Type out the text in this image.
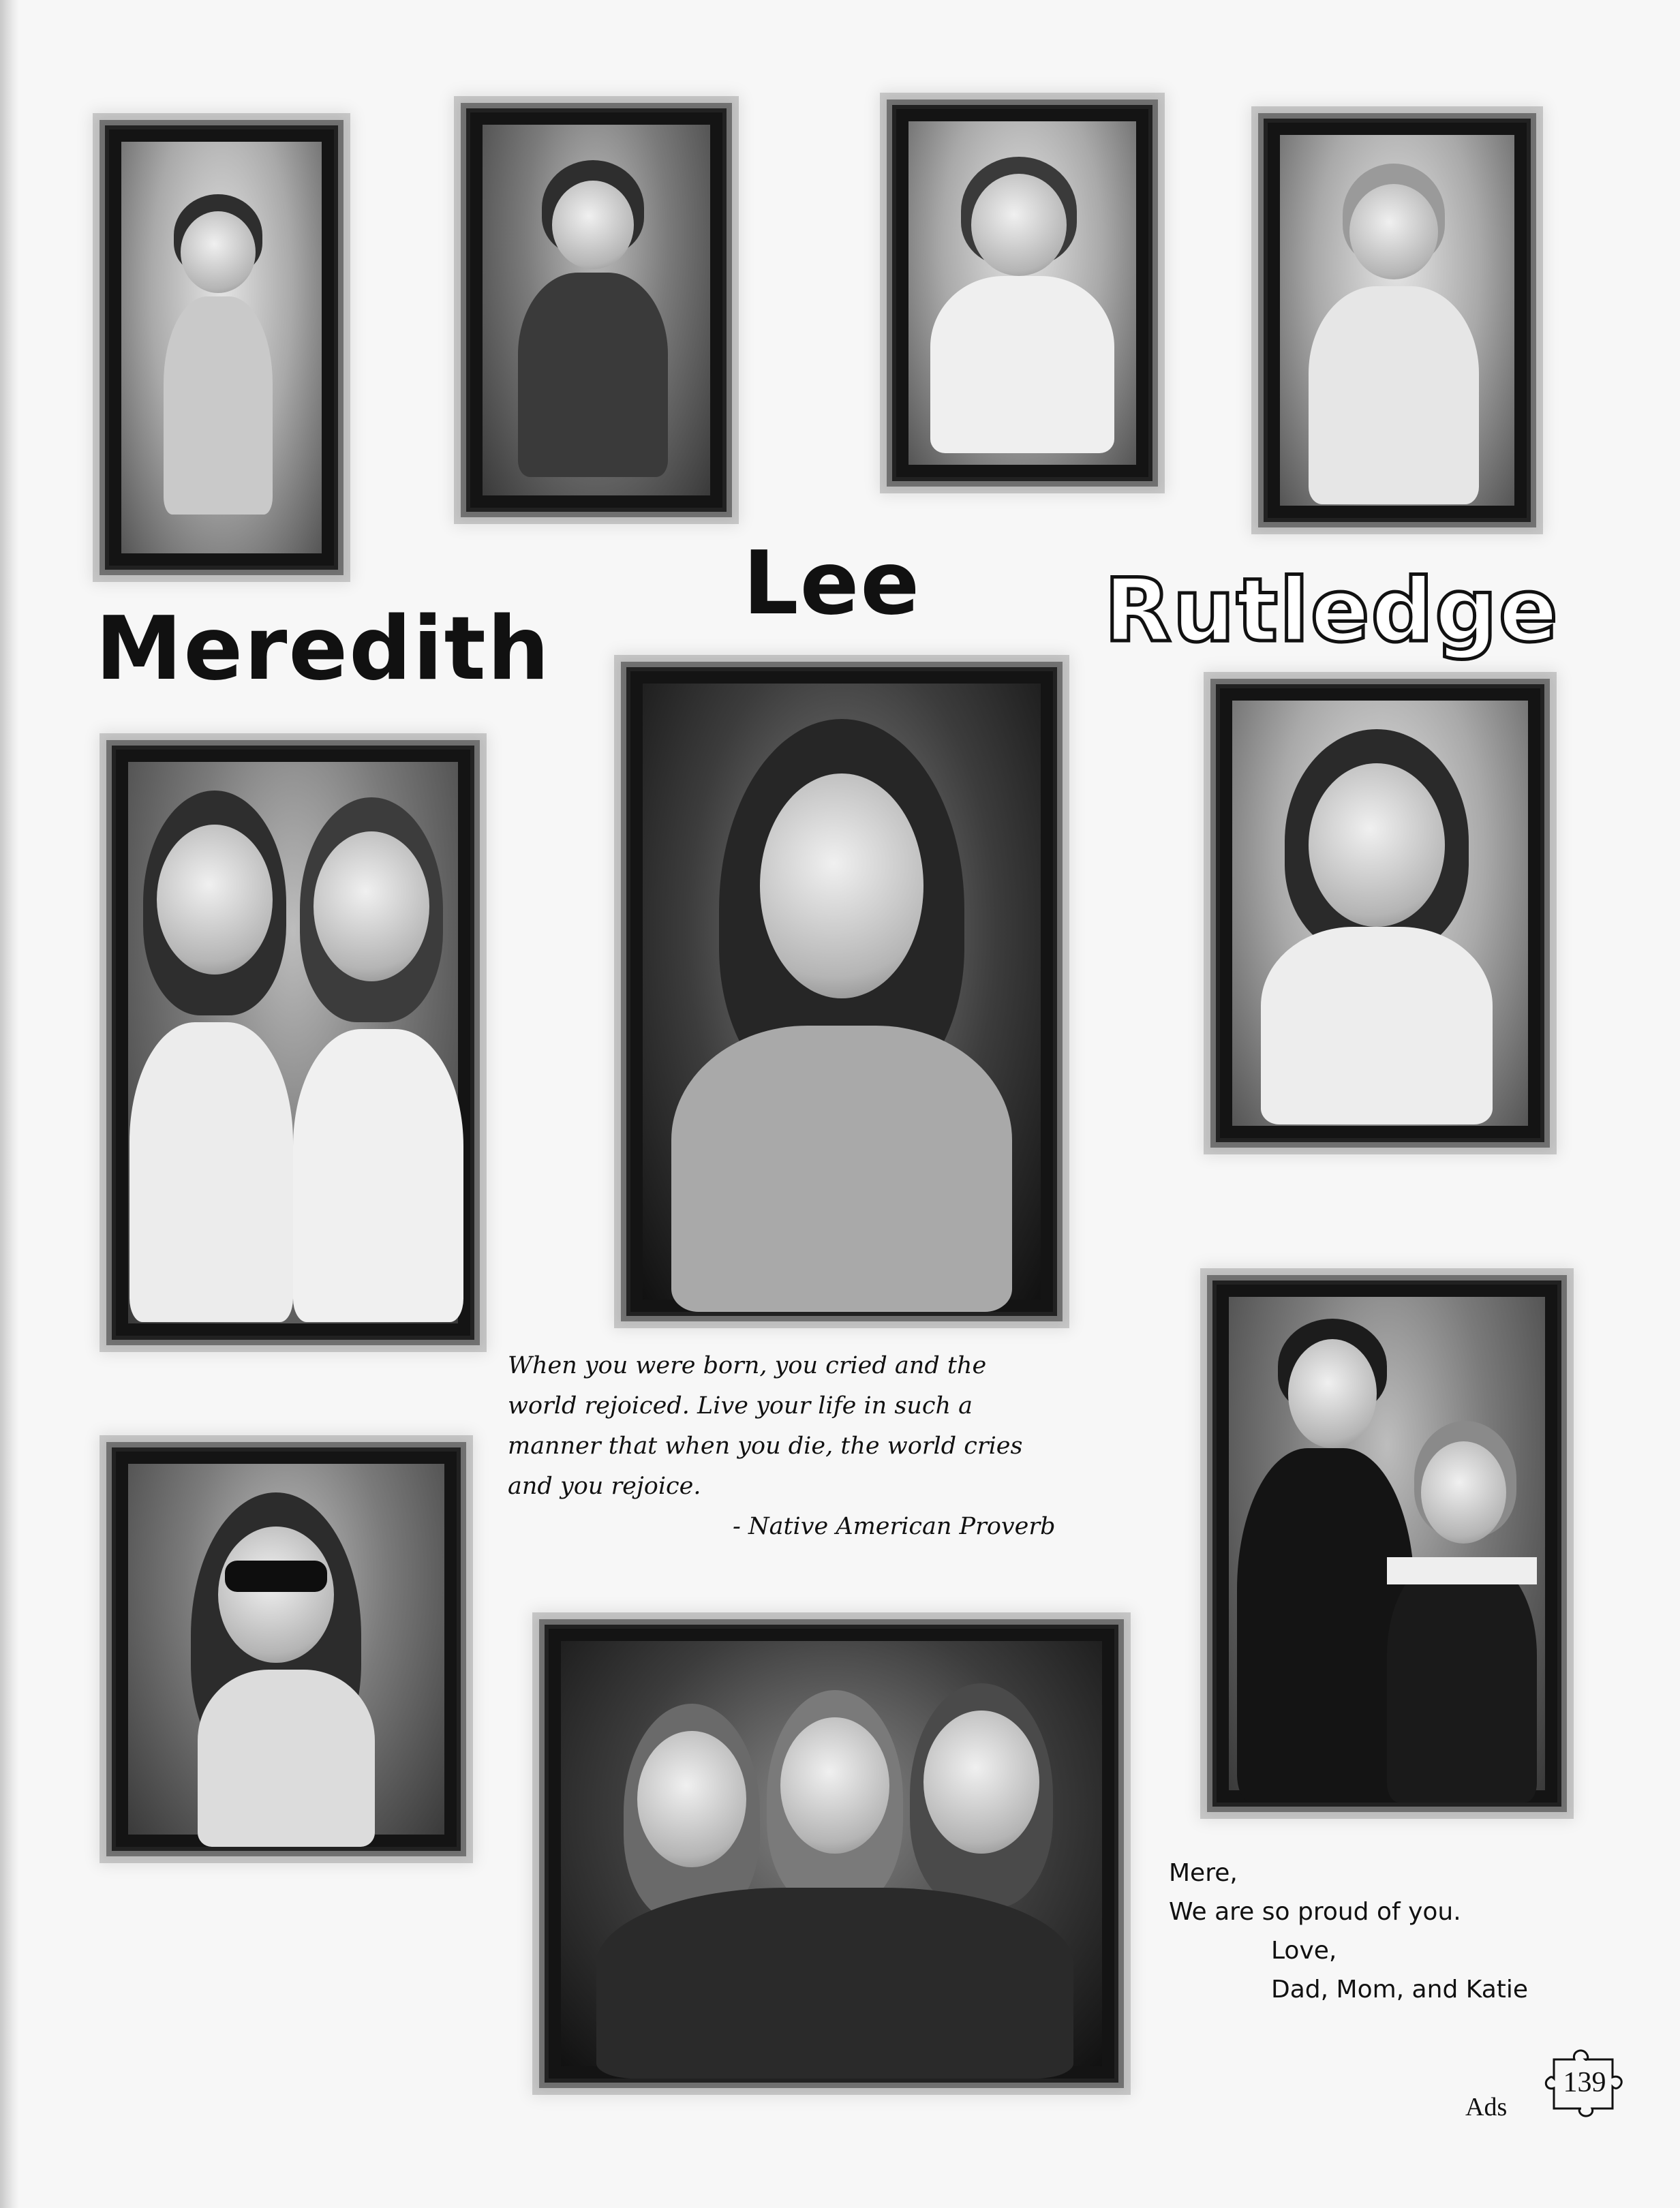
Meredith
Lee Rutledge
When you were born, you cried and the
world rejoiced. Live your life in such a
manner that when you die, the world cries
and you rejoice.
- Native American Proverb
Mere,
We are so proud of you.
Love,
Dad, Mom, and Katie
Ads
139
